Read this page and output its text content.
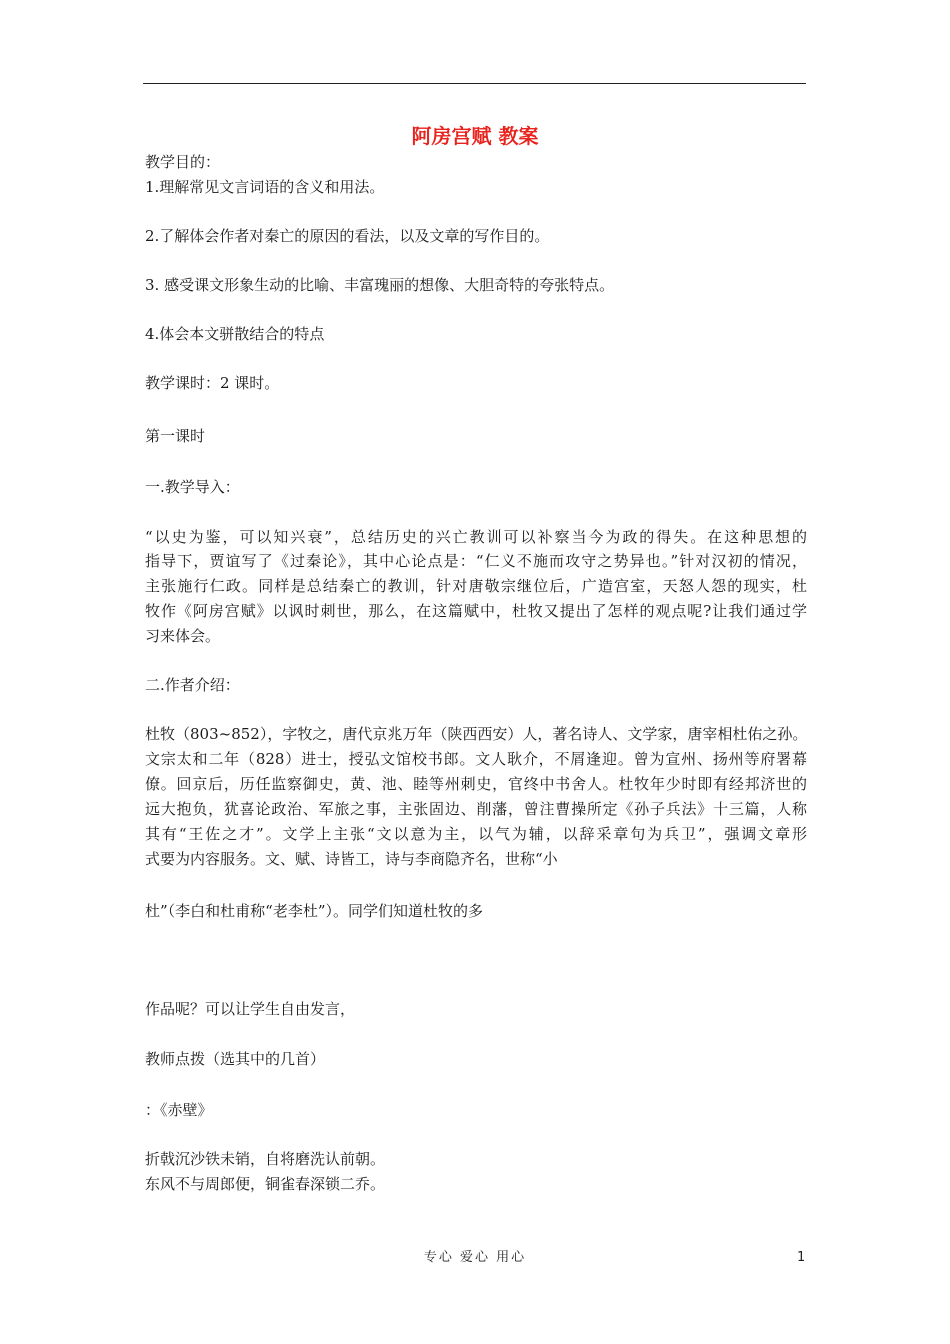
阿房宫赋 教案
教学目的：
1.理解常见文言词语的含义和用法。
2.了解体会作者对秦亡的原因的看法，以及文章的写作目的。
3. 感受课文形象生动的比喻、丰富瑰丽的想像、大胆奇特的夸张特点。
4.体会本文骈散结合的特点
教学课时：2 课时。
第一课时
一.教学导入：
“以史为鉴，可以知兴衰”，总结历史的兴亡教训可以补察当今为政的得失。在这种思想的
指导下，贾谊写了《过秦论》，其中心论点是：“仁义不施而攻守之势异也。”针对汉初的情况，
主张施行仁政。同样是总结秦亡的教训，针对唐敬宗继位后，广造宫室，天怒人怨的现实，杜
牧作《阿房宫赋》以讽时刺世，那么，在这篇赋中，杜牧又提出了怎样的观点呢?让我们通过学
习来体会。
二.作者介绍：
杜牧（803~852），字牧之，唐代京兆万年（陕西西安）人，著名诗人、文学家，唐宰相杜佑之孙。
文宗太和二年（828）进士，授弘文馆校书郎。文人耿介，不屑逢迎。曾为宣州、扬州等府署幕
僚。回京后，历任监察御史，黄、池、睦等州刺史，官终中书舍人。杜牧年少时即有经邦济世的
远大抱负，犹喜论政治、军旅之事，主张固边、削藩，曾注曹操所定《孙子兵法》十三篇，人称
其有“王佐之才”。文学上主张“文以意为主，以气为辅，以辞采章句为兵卫”，强调文章形
式要为内容服务。文、赋、诗皆工，诗与李商隐齐名，世称“小
杜”（李白和杜甫称“老李杜”）。同学们知道杜牧的多
作品呢？可以让学生自由发言，
教师点拨（选其中的几首）
：《赤壁》
折戟沉沙铁未销，自将磨洗认前朝。
东风不与周郎便，铜雀春深锁二乔。
专心 爱心 用心	1
